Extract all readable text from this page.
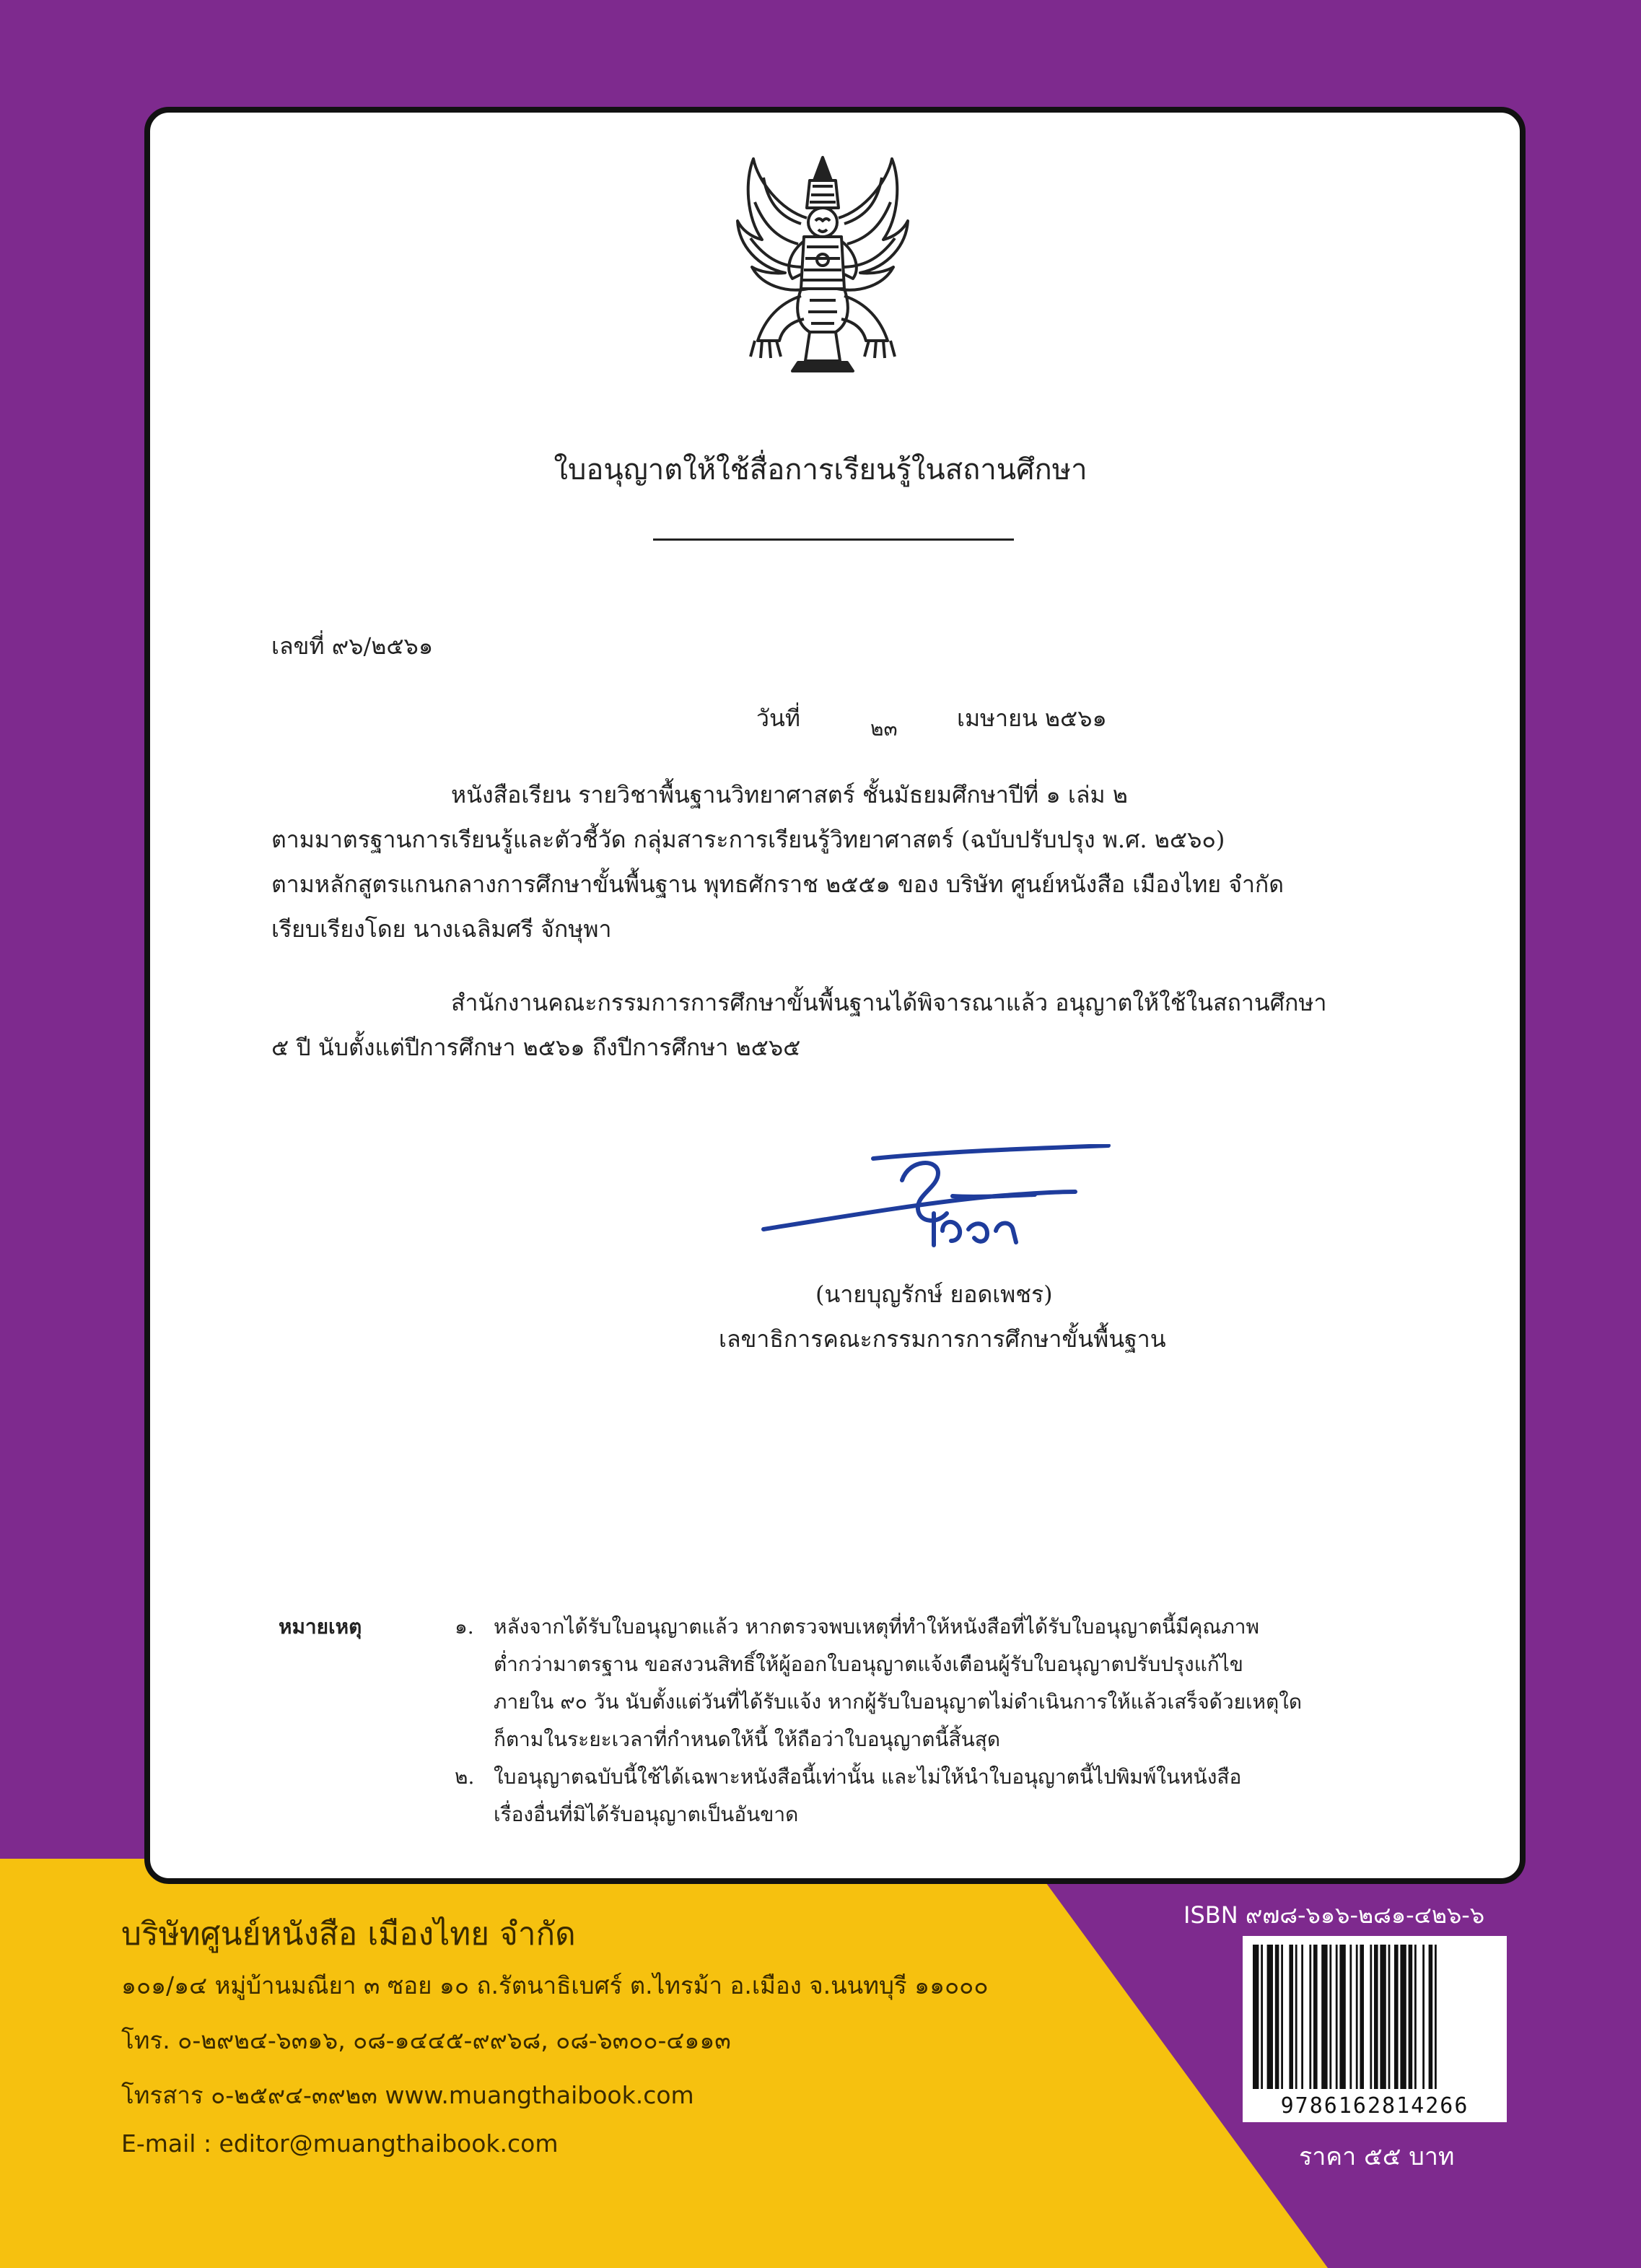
ใบอนุญาตให้ใช้สื่อการเรียนรู้ในสถานศึกษา
เลขที่ ๙๖/๒๕๖๑
วันที่	๒๓	เมษายน ๒๕๖๑
หนังสือเรียน รายวิชาพื้นฐานวิทยาศาสตร์ ชั้นมัธยมศึกษาปีที่ ๑ เล่ม ๒
ตามมาตรฐานการเรียนรู้และตัวชี้วัด กลุ่มสาระการเรียนรู้วิทยาศาสตร์ (ฉบับปรับปรุง พ.ศ. ๒๕๖๐)
ตามหลักสูตรแกนกลางการศึกษาขั้นพื้นฐาน พุทธศักราช ๒๕๕๑ ของ บริษัท ศูนย์หนังสือ เมืองไทย จำกัด
เรียบเรียงโดย นางเฉลิมศรี จักษุพา
สำนักงานคณะกรรมการการศึกษาขั้นพื้นฐานได้พิจารณาแล้ว อนุญาตให้ใช้ในสถานศึกษา
๕ ปี นับตั้งแต่ปีการศึกษา ๒๕๖๑ ถึงปีการศึกษา ๒๕๖๕
(นายบุญรักษ์ ยอดเพชร)
เลขาธิการคณะกรรมการการศึกษาขั้นพื้นฐาน
หมายเหตุ	๑. หลังจากได้รับใบอนุญาตแล้ว หากตรวจพบเหตุที่ทำให้หนังสือที่ได้รับใบอนุญาตนี้มีคุณภาพ
ต่ำกว่ามาตรฐาน ขอสงวนสิทธิ์ให้ผู้ออกใบอนุญาตแจ้งเตือนผู้รับใบอนุญาตปรับปรุงแก้ไข
ภายใน ๙๐ วัน นับตั้งแต่วันที่ได้รับแจ้ง หากผู้รับใบอนุญาตไม่ดำเนินการให้แล้วเสร็จด้วยเหตุใด
ก็ตามในระยะเวลาที่กำหนดให้นี้ ให้ถือว่าใบอนุญาตนี้สิ้นสุด
๒. ใบอนุญาตฉบับนี้ใช้ได้เฉพาะหนังสือนี้เท่านั้น และไม่ให้นำใบอนุญาตนี้ไปพิมพ์ในหนังสือ
เรื่องอื่นที่มิได้รับอนุญาตเป็นอันขาด
บริษัทศูนย์หนังสือ เมืองไทย จำกัด
๑๐๑/๑๔ หมู่บ้านมณียา ๓ ซอย ๑๐ ถ.รัตนาธิเบศร์ ต.ไทรม้า อ.เมือง จ.นนทบุรี ๑๑๐๐๐
โทร. ๐-๒๙๒๔-๖๓๑๖, ๐๘-๑๔๔๕-๙๙๖๘, ๐๘-๖๓๐๐-๔๑๑๓
โทรสาร ๐-๒๕๙๔-๓๙๒๓ www.muangthaibook.com
E-mail : editor@muangthaibook.com
ISBN ๙๗๘-๖๑๖-๒๘๑-๔๒๖-๖
9786162814266
ราคา ๕๕ บาท
